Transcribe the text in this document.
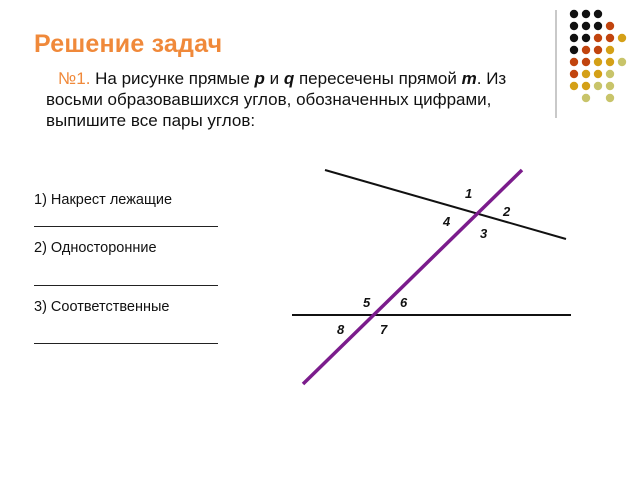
Решение задач
№1. На рисунке прямые p и q пересечены прямой m. Из восьми образовавшихся углов, обозначенных цифрами, выпишите все пары углов:
1) Накрест лежащие
2) Односторонние
3) Соответственные
1
2
3
4
5 6
7
8
